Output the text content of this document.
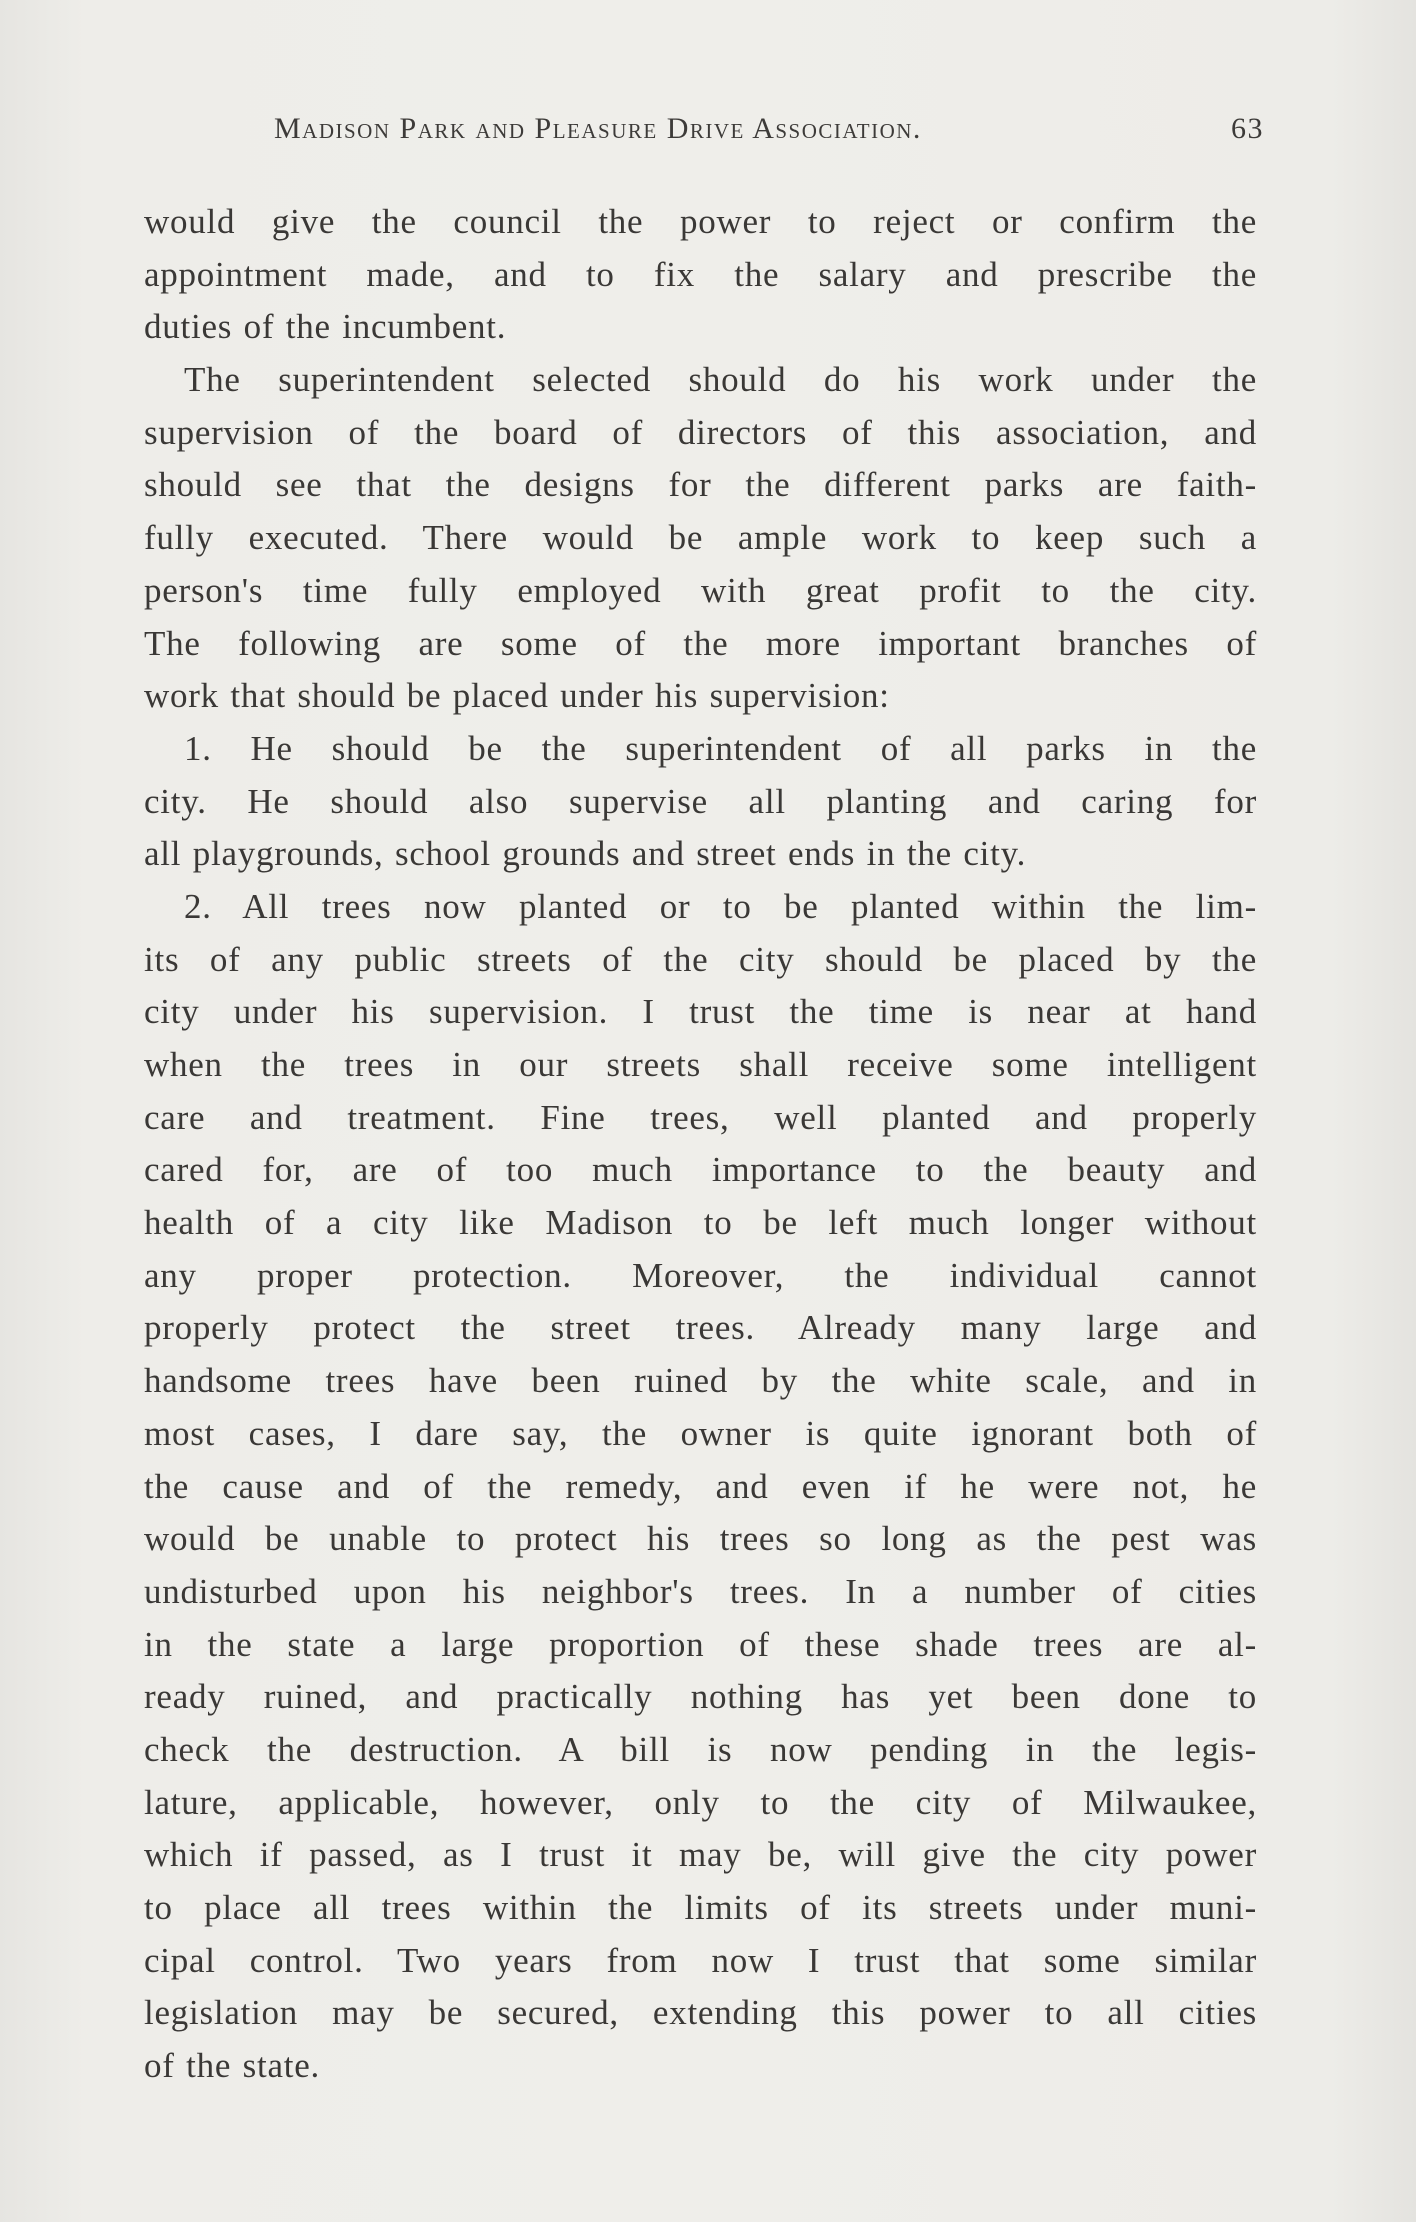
Madison Park and Pleasure Drive Association.	63
would give the council the power to reject or confirm the
appointment made, and to fix the salary and prescribe the
duties of the incumbent.
The superintendent selected should do his work under the
supervision of the board of directors of this association, and
should see that the designs for the different parks are faith-
fully executed. There would be ample work to keep such a
person's time fully employed with great profit to the city.
The following are some of the more important branches of
work that should be placed under his supervision:
1. He should be the superintendent of all parks in the
city. He should also supervise all planting and caring for
all playgrounds, school grounds and street ends in the city.
2. All trees now planted or to be planted within the lim-
its of any public streets of the city should be placed by the
city under his supervision. I trust the time is near at hand
when the trees in our streets shall receive some intelligent
care and treatment. Fine trees, well planted and properly
cared for, are of too much importance to the beauty and
health of a city like Madison to be left much longer without
any proper protection. Moreover, the individual cannot
properly protect the street trees. Already many large and
handsome trees have been ruined by the white scale, and in
most cases, I dare say, the owner is quite ignorant both of
the cause and of the remedy, and even if he were not, he
would be unable to protect his trees so long as the pest was
undisturbed upon his neighbor's trees. In a number of cities
in the state a large proportion of these shade trees are al-
ready ruined, and practically nothing has yet been done to
check the destruction. A bill is now pending in the legis-
lature, applicable, however, only to the city of Milwaukee,
which if passed, as I trust it may be, will give the city power
to place all trees within the limits of its streets under muni-
cipal control. Two years from now I trust that some similar
legislation may be secured, extending this power to all cities
of the state.
